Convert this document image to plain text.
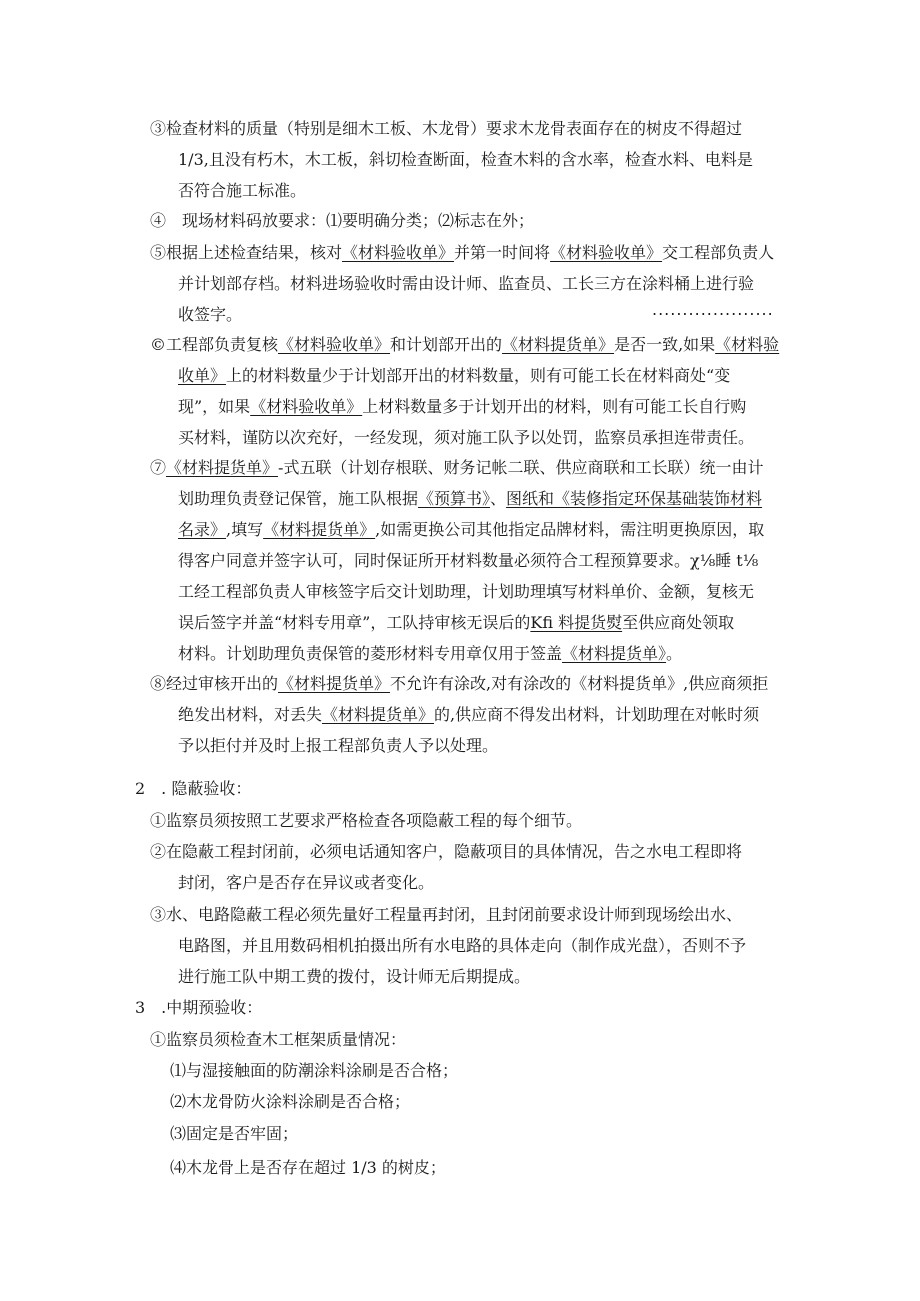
③检查材料的质量（特别是细木工板、木龙骨）要求木龙骨表面存在的树皮不得超过
1/3,且没有朽木，木工板，斜切检查断面，检查木料的含水率，检查水料、电料是
否符合施工标准。
④　现场材料码放要求：⑴要明确分类；⑵标志在外；
⑤根据上述检查结果，核对《材料验收单》并第一时间将《材料验收单》交工程部负责人
并计划部存档。材料进场验收时需由设计师、监查员、工长三方在涂料桶上进行验
收签字。	....................
©工程部负责复核《材料验收单》和计划部开出的《材料提货单》是否一致,如果《材料验
收单》上的材料数量少于计划部开出的材料数量，则有可能工长在材料商处“变
现”，如果《材料验收单》上材料数量多于计划开出的材料，则有可能工长自行购
买材料，谨防以次充好，一经发现，须对施工队予以处罚，监察员承担连带责任。
⑦《材料提货单》-式五联（计划存根联、财务记帐二联、供应商联和工长联）统一由计
划助理负责登记保管，施工队根据《预算书》、图纸和《装修指定环保基础装饰材料
名录》,填写《材料提货单》,如需更换公司其他指定品牌材料，需注明更换原因，取
得客户同意并签字认可，同时保证所开材料数量必须符合工程预算要求。χ⅛睡 t⅛
工经工程部负责人审核签字后交计划助理，计划助理填写材料单价、金额，复核无
误后签字并盖“材料专用章”，工队持审核无误后的Kfi 料提货熨至供应商处领取
材料。计划助理负责保管的菱形材料专用章仅用于签盖《材料提货单》。
⑧经过审核开出的《材料提货单》不允许有涂改,对有涂改的《材料提货单》,供应商须拒
绝发出材料，对丢失《材料提货单》的,供应商不得发出材料，计划助理在对帐时须
予以拒付并及时上报工程部负责人予以处理。
2　. 隐蔽验收：
①监察员须按照工艺要求严格检查各项隐蔽工程的每个细节。
②在隐蔽工程封闭前，必须电话通知客户，隐蔽项目的具体情况，告之水电工程即将
封闭，客户是否存在异议或者变化。
③水、电路隐蔽工程必须先量好工程量再封闭，且封闭前要求设计师到现场绘出水、
电路图，并且用数码相机拍摄出所有水电路的具体走向（制作成光盘），否则不予
进行施工队中期工费的拨付，设计师无后期提成。
3　.中期预验收：
①监察员须检查木工框架质量情况：
⑴与湿接触面的防潮涂料涂刷是否合格；
⑵木龙骨防火涂料涂刷是否合格；
⑶固定是否牢固；
⑷木龙骨上是否存在超过 1/3 的树皮；
